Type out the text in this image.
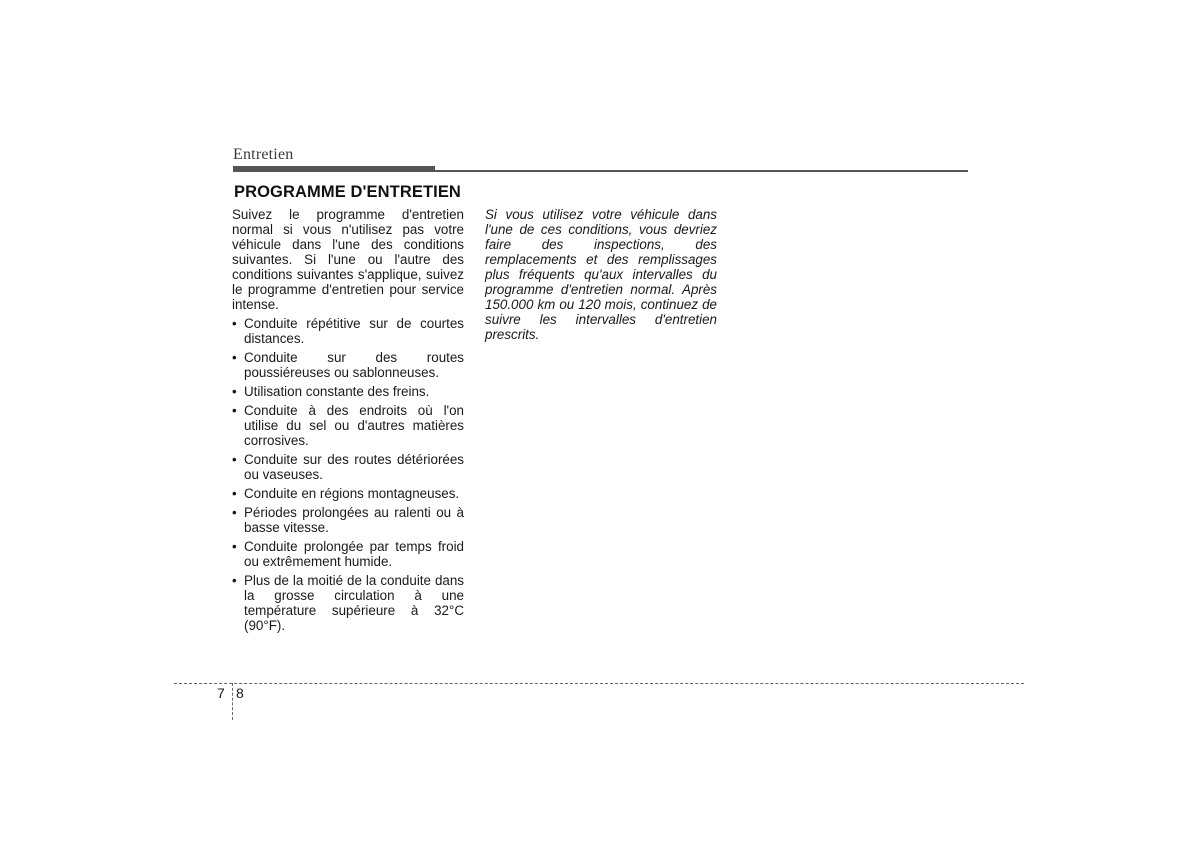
Entretien
PROGRAMME D'ENTRETIEN

Suivez le programme d'entretien normal si vous n'utilisez pas votre véhicule dans l'une des conditions suivantes. Si l'une ou l'autre des conditions suivantes s'applique, suivez le programme d'entretien pour service intense.

• Conduite répétitive sur de courtes distances.
• Conduite sur des routes poussiéreuses ou sablonneuses.
• Utilisation constante des freins.
• Conduite à des endroits où l'on utilise du sel ou d'autres matières corrosives.
• Conduite sur des routes détériorées ou vaseuses.
• Conduite en régions montagneuses.
• Périodes prolongées au ralenti ou à basse vitesse.
• Conduite prolongée par temps froid ou extrêmement humide.
• Plus de la moitié de la conduite dans la grosse circulation à une température supérieure à 32°C (90°F).

Si vous utilisez votre véhicule dans l'une de ces conditions, vous devriez faire des inspections, des remplacements et des remplissages plus fréquents qu'aux intervalles du programme d'entretien normal. Après 150.000 km ou 120 mois, continuez de suivre les intervalles d'entretien prescrits.

7 8
